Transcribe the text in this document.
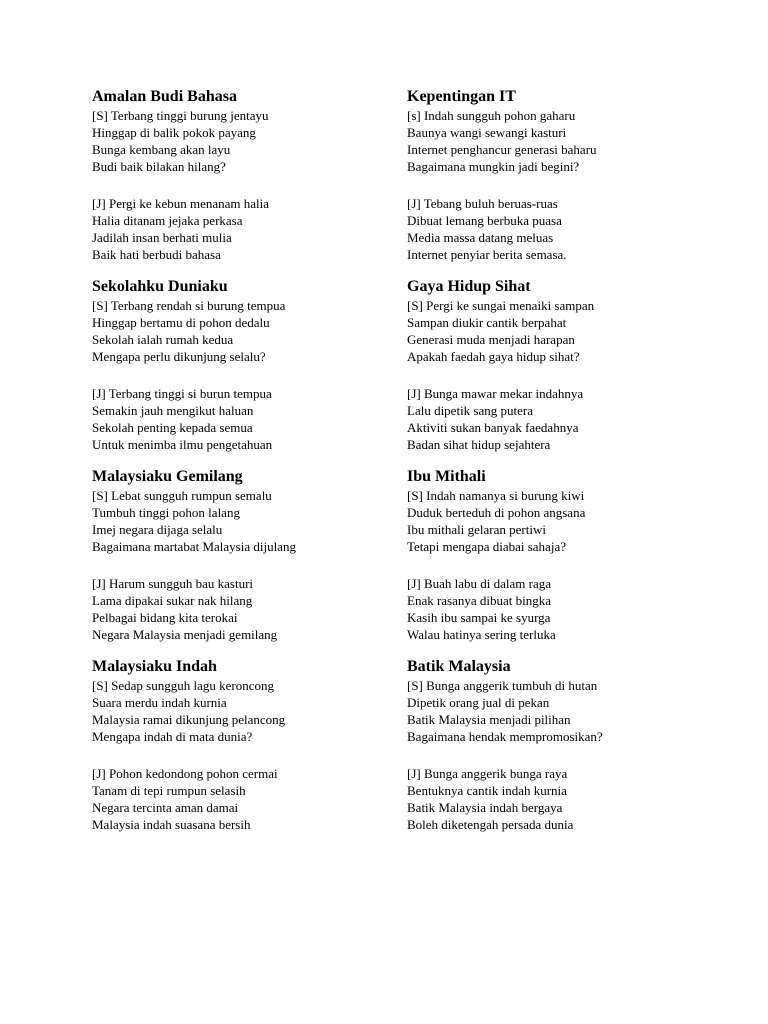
Amalan Budi Bahasa
[S] Terbang tinggi burung jentayu
Hinggap di balik pokok payang
Bunga kembang akan layu
Budi baik bilakan hilang?
[J] Pergi ke kebun menanam halia
Halia ditanam jejaka perkasa
Jadilah insan berhati mulia
Baik hati berbudi bahasa
Sekolahku Duniaku
[S] Terbang rendah si burung tempua
Hinggap bertamu di pohon dedalu
Sekolah ialah rumah kedua
Mengapa perlu dikunjung selalu?
[J] Terbang tinggi si burun tempua
Semakin jauh mengikut haluan
Sekolah penting kepada semua
Untuk menimba ilmu pengetahuan
Malaysiaku Gemilang
[S] Lebat sungguh rumpun semalu
Tumbuh tinggi pohon lalang
Imej negara dijaga selalu
Bagaimana martabat Malaysia dijulang
[J] Harum sungguh bau kasturi
Lama dipakai sukar nak hilang
Pelbagai bidang kita terokai
Negara Malaysia menjadi gemilang
Malaysiaku Indah
[S] Sedap sungguh lagu keroncong
Suara merdu indah kurnia
Malaysia ramai dikunjung pelancong
Mengapa indah di mata dunia?
[J] Pohon kedondong pohon cermai
Tanam di tepi rumpun selasih
Negara tercinta aman damai
Malaysia indah suasana bersih
Kepentingan IT
[s] Indah sungguh pohon gaharu
Baunya wangi sewangi kasturi
Internet penghancur generasi baharu
Bagaimana mungkin jadi begini?
[J] Tebang buluh beruas-ruas
Dibuat lemang berbuka puasa
Media massa datang meluas
Internet penyiar berita semasa.
Gaya Hidup Sihat
[S] Pergi ke sungai menaiki sampan
Sampan diukir cantik berpahat
Generasi muda menjadi harapan
Apakah faedah gaya hidup sihat?
[J] Bunga mawar mekar indahnya
Lalu dipetik sang putera
Aktiviti sukan banyak faedahnya
Badan sihat hidup sejahtera
Ibu Mithali
[S] Indah namanya si burung kiwi
Duduk berteduh di pohon angsana
Ibu mithali gelaran pertiwi
Tetapi mengapa diabai sahaja?
[J] Buah labu di dalam raga
Enak rasanya dibuat bingka
Kasih ibu sampai ke syurga
Walau hatinya sering terluka
Batik Malaysia
[S] Bunga anggerik tumbuh di hutan
Dipetik orang jual di pekan
Batik Malaysia menjadi pilihan
Bagaimana hendak mempromosikan?
[J] Bunga anggerik bunga raya
Bentuknya cantik indah kurnia
Batik Malaysia indah bergaya
Boleh diketengah persada dunia
